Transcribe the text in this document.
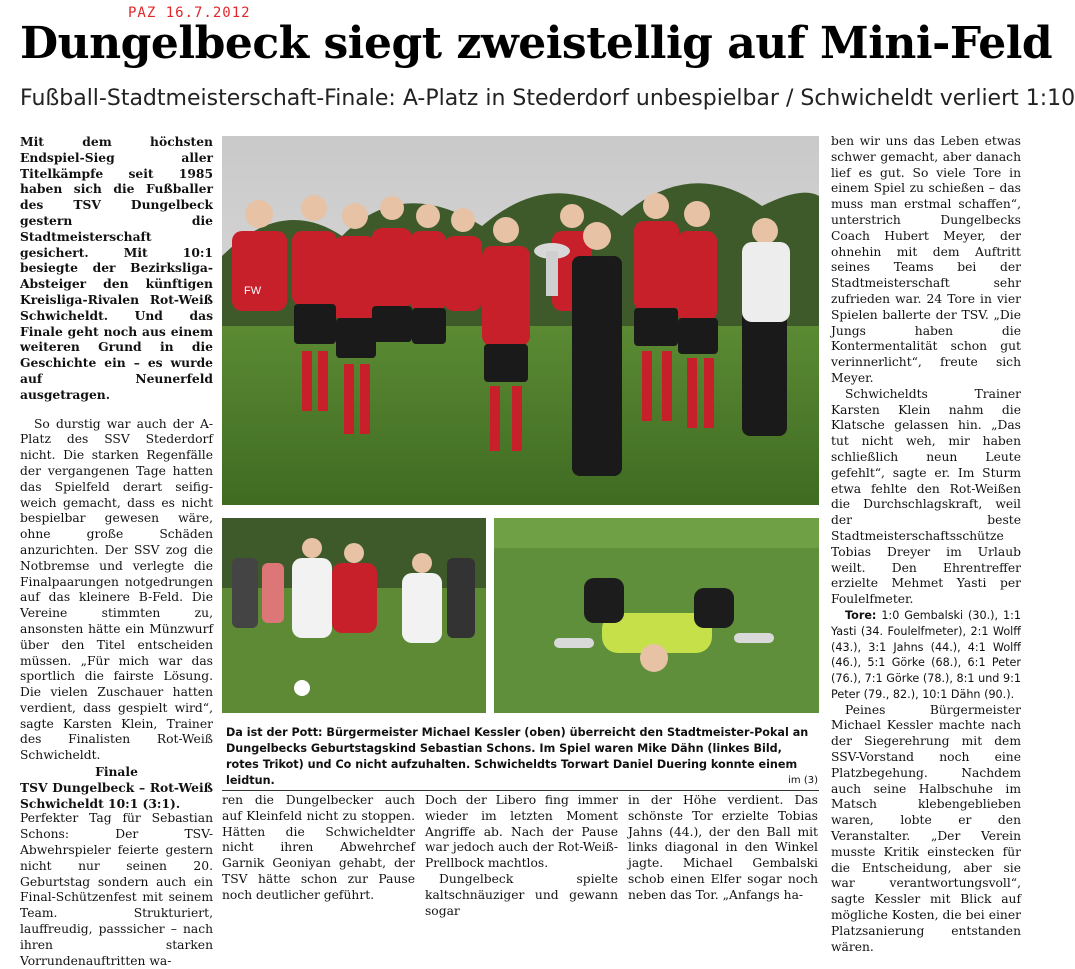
PAZ 16.7.2012
Dungelbeck siegt zweistellig auf Mini-Feld
Fußball-Stadtmeisterschaft-Finale: A-Platz in Stederdorf unbespielbar / Schwicheldt verliert 1:10

Mit dem höchsten Endspiel-Sieg aller Titelkämpfe seit 1985 haben sich die Fußballer des TSV Dungelbeck gestern die Stadtmeisterschaft gesichert. Mit 10:1 besiegte der Bezirksliga-Absteiger den künftigen Kreisliga-Rivalen Rot-Weiß Schwicheldt. Und das Finale geht noch aus einem weiteren Grund in die Geschichte ein – es wurde auf Neunerfeld ausgetragen.

So durstig war auch der A-Platz des SSV Stederdorf nicht. Die starken Regenfälle der vergangenen Tage hatten das Spielfeld derart seifig-weich gemacht, dass es nicht bespielbar gewesen wäre, ohne große Schäden anzurichten. Der SSV zog die Notbremse und verlegte die Finalpaarungen notgedrungen auf das kleinere B-Feld. Die Vereine stimmten zu, ansonsten hätte ein Münzwurf über den Titel entscheiden müssen. „Für mich war das sportlich die fairste Lösung. Die vielen Zuschauer hatten verdient, dass gespielt wird“, sagte Karsten Klein, Trainer des Finalisten Rot-Weiß Schwicheldt.

Finale

TSV Dungelbeck – Rot-Weiß Schwicheldt 10:1 (3:1).

Perfekter Tag für Sebastian Schons: Der TSV-Abwehrspieler feierte gestern nicht nur seinen 20. Geburtstag sondern auch ein Final-Schützenfest mit seinem Team. Strukturiert, lauffreudig, passsicher – nach ihren starken Vorrundenauftritten wa-

FW
Da ist der Pott: Bürgermeister Michael Kessler (oben) überreicht den Stadtmeister-Pokal an Dungelbecks Geburtstagskind Sebastian Schons. Im Spiel waren Mike Dähn (linkes Bild, rotes Trikot) und Co nicht aufzuhalten. Schwicheldts Torwart Daniel Duering konnte einem leidtun.	im (3)

ren die Dungelbecker auch auf Kleinfeld nicht zu stoppen. Hätten die Schwicheldter nicht ihren Abwehrchef Garnik Geoniyan gehabt, der TSV hätte schon zur Pause noch deutlicher geführt.

Doch der Libero fing immer wieder im letzten Moment Angriffe ab. Nach der Pause war jedoch auch der Rot-Weiß-Prellbock machtlos.

Dungelbeck spielte kaltschnäuziger und gewann sogar

in der Höhe verdient. Das schönste Tor erzielte Tobias Jahns (44.), der den Ball mit links diagonal in den Winkel jagte. Michael Gembalski schob einen Elfer sogar noch neben das Tor. „Anfangs ha-

ben wir uns das Leben etwas schwer gemacht, aber danach lief es gut. So viele Tore in einem Spiel zu schießen – das muss man erstmal schaffen“, unterstrich Dungelbecks Coach Hubert Meyer, der ohnehin mit dem Auftritt seines Teams bei der Stadtmeisterschaft sehr zufrieden war. 24 Tore in vier Spielen ballerte der TSV. „Die Jungs haben die Kontermentalität schon gut verinnerlicht“, freute sich Meyer.

Schwicheldts Trainer Karsten Klein nahm die Klatsche gelassen hin. „Das tut nicht weh, mir haben schließlich neun Leute gefehlt“, sagte er. Im Sturm etwa fehlte den Rot-Weißen die Durchschlagskraft, weil der beste Stadtmeisterschaftsschütze Tobias Dreyer im Urlaub weilt. Den Ehrentreffer erzielte Mehmet Yasti per Foulelfmeter.

Tore: 1:0 Gembalski (30.), 1:1 Yasti (34. Foulelfmeter), 2:1 Wolff (43.), 3:1 Jahns (44.), 4:1 Wolff (46.), 5:1 Görke (68.), 6:1 Peter (76.), 7:1 Görke (78.), 8:1 und 9:1 Peter (79., 82.), 10:1 Dähn (90.).

Peines Bürgermeister Michael Kessler machte nach der Siegerehrung mit dem SSV-Vorstand noch eine Platzbegehung. Nachdem auch seine Halbschuhe im Matsch klebengeblieben waren, lobte er den Veranstalter. „Der Verein musste Kritik einstecken für die Entscheidung, aber sie war verantwortungsvoll“, sagte Kessler mit Blick auf mögliche Kosten, die bei einer Platzsanierung entstanden wären.
